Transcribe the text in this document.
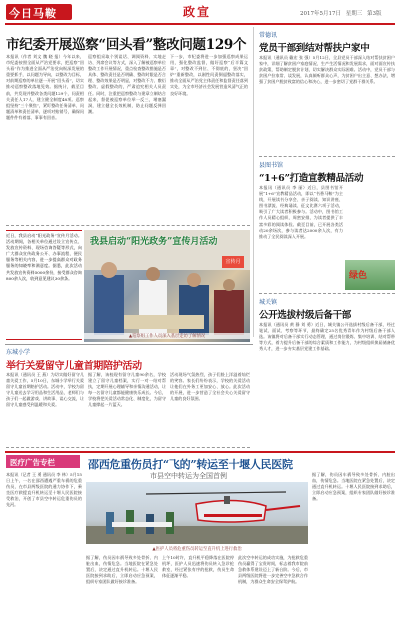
今日马鞍	政宣	2017年5月17日 星期三 第3版
市纪委开展巡察“回头看”整改问题129个
本报讯（作者 刘文 魏 晓 报）今年以来，市纪委按照全面从严治党要求，把巡察“回头看”作为推进全面从严治党向纵深发展的重要抓手，以问题为导向，以整改为目标，对前期巡察的单位逐一开展“回头看”，切实推动巡察整改落地见效。据统计，截至目前，共发现并整改各类问题129个，问责相关责任人17人，建立健全制度48项。巡察组坚持“三个聚焦”，紧盯整改任务清单、问题清单和责任清单，逐项对账销号，确保问题件件有着落、事事有回音。
巡察组采取个别谈话、调阅资料、实地走访、列席会议等方式，深入了解被巡察单位整改工作开展情况，重点检查整改措施是否具体、整改责任是否明确、整改时限是否合理、整改效果是否明显，对整改不力、敷衍整改、虚假整改的，严肃追究相关人员责任。同时，注重把巡察整改与建章立制结合起来，督促被巡察单位举一反三，堵塞漏洞，建立健全长效机制，防止问题反弹回潮。
下一步，市纪委将进一步加强巡察成果运用，强化整改监督，做好巡察“后半篇文章”，对整改不到位、不彻底的，坚决“回炉”重新整改，以刚性问责倒逼整改落实，推动全面从严治党主体责任和监督责任落到实处，为全市经济社会发展营造风清气正的良好环境。
近日，我县启动“阳光政务”宣传月活动。活动期间，各相关单位通过设立宣传点、发放宣传资料、现场咨询答疑等形式，向广大群众宣传政务公开、办事流程、便民服务等相关内容，进一步提高群众对政务服务的知晓率和满意度。据悉，此次活动共发放宣传资料5000余份，接受群众咨询800余人次，收到意见建议30余条。
我县启动“阳光政务”宣传月活动
宣传月
▲巡察组工作人员深入基层走访了解情况
常德讯
党员干部到结对帮扶户家中
本报讯（通讯员 戴宏 张 强）5月12日，全县党员干部深入结对帮扶贫困户家中，详细了解贫困户家庭情况、生产生活情况和发展需求，面对面宣传扶贫政策，帮助制定脱贫计划，切实解决群众实际困难。活动中，党员干部与贫困户拉家常、谈发展，认真倾听群众心声，为贫困户出主意、想办法，增强了贫困户脱贫致富的信心和决心，进一步密切了党群干群关系。
县图书馆
“1+6”打造宣教精品活动
本报讯（通讯员 李 丽）近日，县图书馆开展“1+6”宣教精品活动，即以“书香马鞍”为主线，开展读书分享会、亲子阅读、知识讲座、图书漂流、经典诵读、征文比赛六项子活动，吸引了广大读者积极参与。活动中，图书馆工作人员精心组织、周密安排，为读者提供了丰富多彩的阅读体验。截至目前，已开展各类活动20余场次，参与读者达2000余人次，有力推动了全民阅读深入开展。
绿色
城关镇
公开选拔村级后备干部
本报讯（通讯员 黄 静 刘 勇）近日，城关镇公开选拔村级后备干部，经过笔试、面试、考察等环节，最终确定25名优秀青年作为村级后备干部人选。该镇将对后备干部实行动态管理，通过岗位锻炼、集中培训、结对帮带等方式，着力提升后备干部的综合素质和工作能力，为村级组织换届储备优秀人才，进一步夯实基层党建工作基础。
东城小学
举行关爱留守儿童首期陪护活动
本报讯（通讯员 王 燕）为切实做好留守儿童关爱工作，5月10日，东城小学举行关爱留守儿童首期陪护活动。活动中，学校为留守儿童送去学习用品和生活用品，老师们与孩子们一起做游戏、讲故事、谈心交流，让留守儿童感受到温暖和关爱。
据了解，该校现有留守儿童90余名，学校建立了留守儿童档案，实行一对一结对帮扶，定期开展心理辅导和亲情沟通活动，让每一名留守儿童都能健康快乐成长。今后，学校将把关爱活动常态化、制度化，为留守儿童撑起一片蓝天。
活动现场气氛热烈，孩子们脸上洋溢着灿烂的笑容。家长们纷纷表示，学校的关爱活动让他们在外务工更加安心、放心。此次活动的开展，进一步营造了全社会关心关爱留守儿童的良好氛围。
医疗广告专栏	邵西危重伤员打“飞的”转运至十堰人民医院
市县空中转运为全国首例
本报讯（记者 王 勇 通讯员 李 林）5月15日上午，一名在邵西遭遇严重车祸的危重伤员，在市县两级医院的通力协作下，乘坐医疗救援直升机转运至十堰人民医院接受救治，开创了市县空中转运危重伤员的先河。
▲医护人员将危重伤员转运至直升机上进行救治
据了解，伤员因车祸导致多处骨折、内脏出血，伤情危急。当地医院在紧急处置后，决定通过直升机转运。十堰人民医院接到求助后，立即启动应急预案，组织专家团队做好接诊准备。
上午10时许，直升机平稳降落在医院停机坪，医护人员迅速将伤员转入急诊抢救室，经过紧张有序的抢救，伤员生命体征逐渐平稳。
此次空中转运的成功实施，为抢救危重伤员赢得了宝贵时间，标志着我市院前急救体系建设迈上了新台阶。今后，市县两级医院将进一步完善空中急救合作机制，为群众生命安全保驾护航。
据了解，伤员因车祸导致多处骨折、内脏出血，伤情危急。当地医院在紧急处置后，决定通过直升机转运。十堰人民医院接到求助后，立即启动应急预案，组织专家团队做好接诊准备。
